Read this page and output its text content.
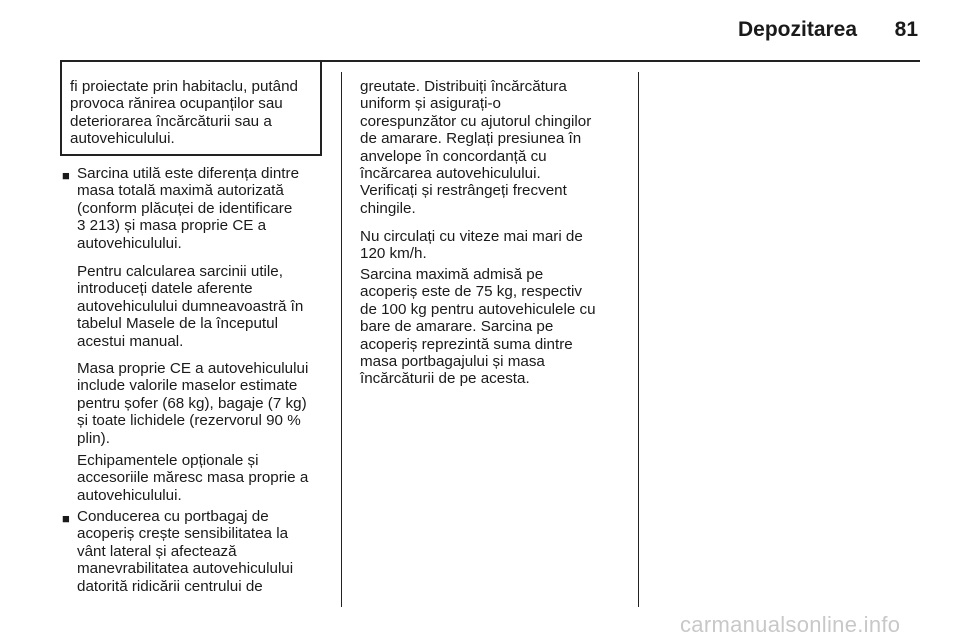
Depozitarea 81
fi proiectate prin habitaclu, putând
provoca rănirea ocupanților sau
deteriorarea încărcăturii sau a
autovehiculului.
■ Sarcina utilă este diferența dintre
masa totală maximă autorizată
(conform plăcuței de identificare
3 213) și masa proprie CE a
autovehiculului.
Pentru calcularea sarcinii utile,
introduceți datele aferente
autovehiculului dumneavoastră în
tabelul Masele de la începutul
acestui manual.
Masa proprie CE a autovehiculului
include valorile maselor estimate
pentru șofer (68 kg), bagaje (7 kg)
și toate lichidele (rezervorul 90 %
plin).
Echipamentele opționale și
accesoriile măresc masa proprie a
autovehiculului.
■ Conducerea cu portbagaj de
acoperiș crește sensibilitatea la
vânt lateral și afectează
manevrabilitatea autovehiculului
datorită ridicării centrului de
greutate. Distribuiți încărcătura
uniform și asigurați-o
corespunzător cu ajutorul chingilor
de amarare. Reglați presiunea în
anvelope în concordanță cu
încărcarea autovehiculului.
Verificați și restrângeți frecvent
chingile.
Nu circulați cu viteze mai mari de
120 km/h.
Sarcina maximă admisă pe
acoperiș este de 75 kg, respectiv
de 100 kg pentru autovehiculele cu
bare de amarare. Sarcina pe
acoperiș reprezintă suma dintre
masa portbagajului și masa
încărcăturii de pe acesta.
carmanualsonline.info
